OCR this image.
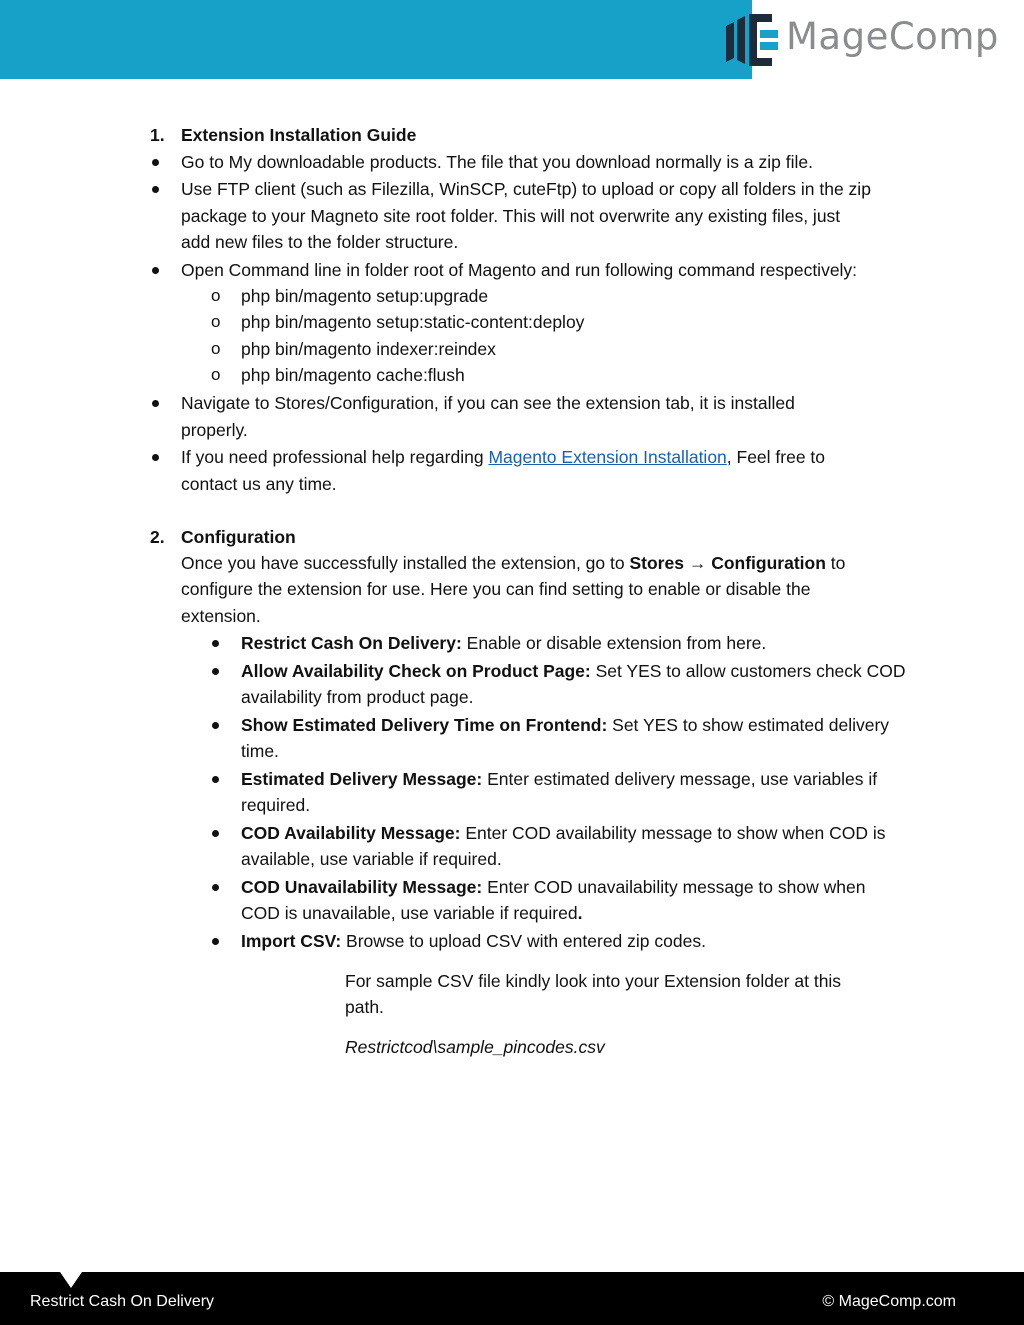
MageComp
1. Extension Installation Guide
Go to My downloadable products. The file that you download normally is a zip file.
Use FTP client (such as Filezilla, WinSCP, cuteFtp) to upload or copy all folders in the zip
package to your Magneto site root folder. This will not overwrite any existing files, just
add new files to the folder structure.
Open Command line in folder root of Magento and run following command respectively:
o php bin/magento setup:upgrade
o php bin/magento setup:static-content:deploy
o php bin/magento indexer:reindex
o php bin/magento cache:flush
Navigate to Stores/Configuration, if you can see the extension tab, it is installed
properly.
If you need professional help regarding Magento Extension Installation, Feel free to
contact us any time.
2. Configuration
Once you have successfully installed the extension, go to Stores → Configuration to
configure the extension for use. Here you can find setting to enable or disable the
extension.
Restrict Cash On Delivery: Enable or disable extension from here.
Allow Availability Check on Product Page: Set YES to allow customers check COD
availability from product page.
Show Estimated Delivery Time on Frontend: Set YES to show estimated delivery
time.
Estimated Delivery Message: Enter estimated delivery message, use variables if
required.
COD Availability Message: Enter COD availability message to show when COD is
available, use variable if required.
COD Unavailability Message: Enter COD unavailability message to show when
COD is unavailable, use variable if required.
Import CSV: Browse to upload CSV with entered zip codes.
For sample CSV file kindly look into your Extension folder at this
path.
Restrictcod\sample_pincodes.csv
Restrict Cash On Delivery	© MageComp.com
